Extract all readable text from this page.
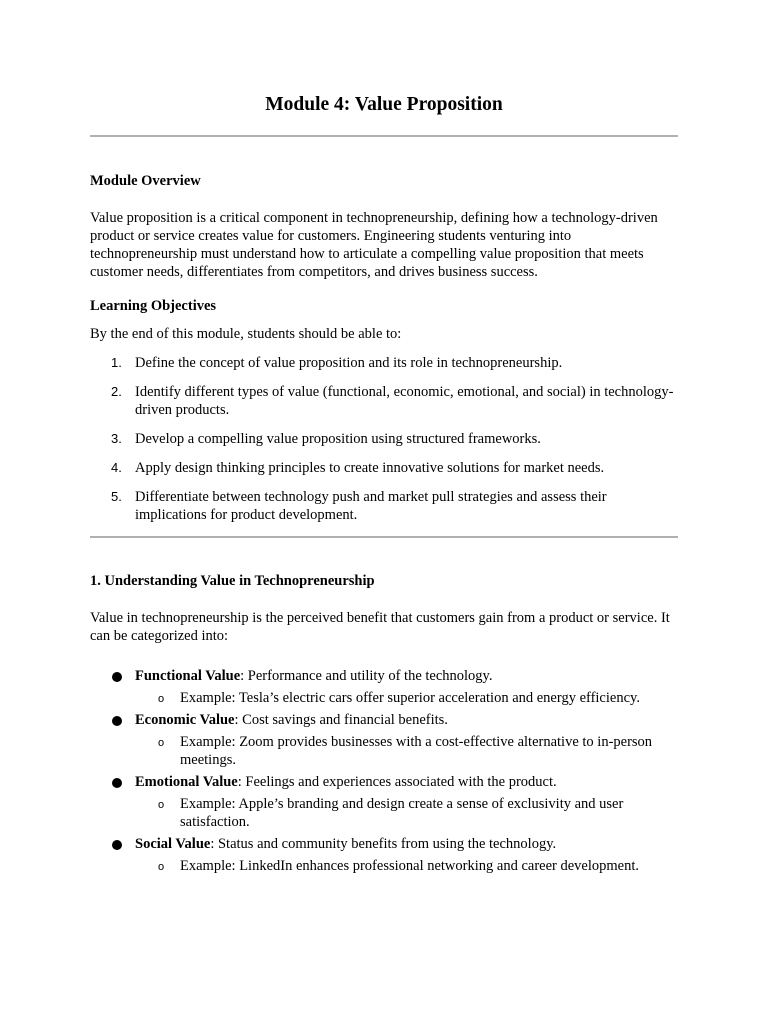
Module 4: Value Proposition
Module Overview

Value proposition is a critical component in technopreneurship, defining how a technology-driven product or service creates value for customers. Engineering students venturing into technopreneurship must understand how to articulate a compelling value proposition that meets customer needs, differentiates from competitors, and drives business success.

Learning Objectives

By the end of this module, students should be able to:

1. Define the concept of value proposition and its role in technopreneurship.
2. Identify different types of value (functional, economic, emotional, and social) in technology-driven products.
3. Develop a compelling value proposition using structured frameworks.
4. Apply design thinking principles to create innovative solutions for market needs.
5. Differentiate between technology push and market pull strategies and assess their implications for product development.
1. Understanding Value in Technopreneurship

Value in technopreneurship is the perceived benefit that customers gain from a product or service. It can be categorized into:

Functional Value: Performance and utility of the technology.
o Example: Tesla’s electric cars offer superior acceleration and energy efficiency.
Economic Value: Cost savings and financial benefits.
o Example: Zoom provides businesses with a cost-effective alternative to in-person meetings.
Emotional Value: Feelings and experiences associated with the product.
o Example: Apple’s branding and design create a sense of exclusivity and user satisfaction.
Social Value: Status and community benefits from using the technology.
o Example: LinkedIn enhances professional networking and career development.
